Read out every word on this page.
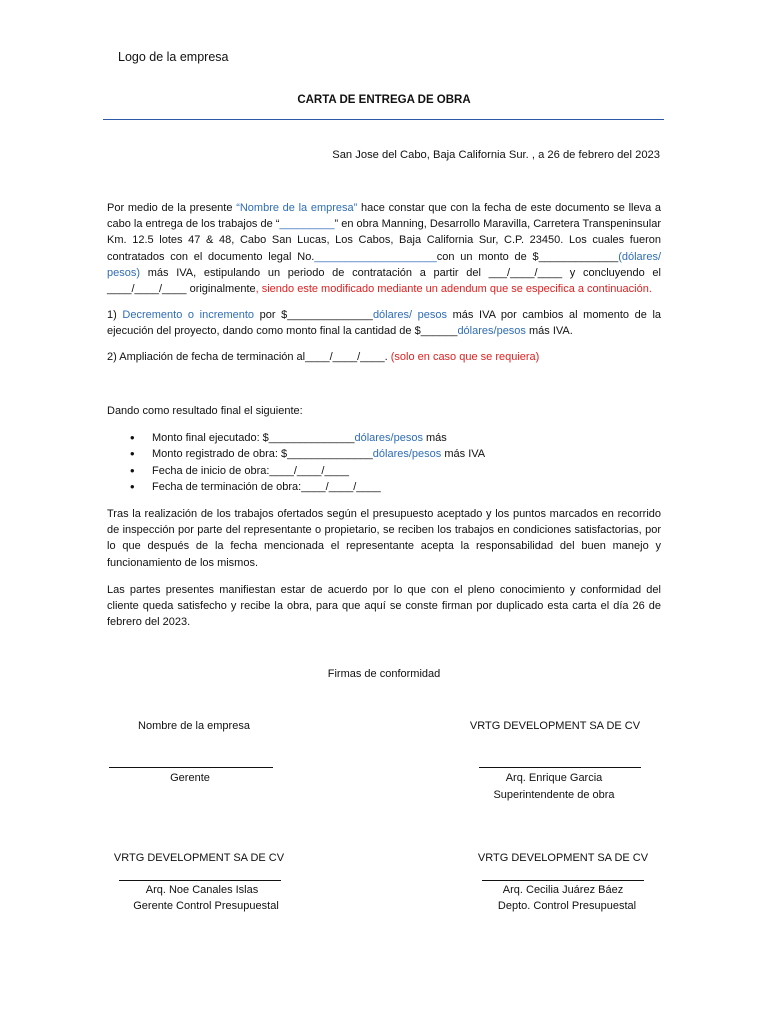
Logo de la empresa
CARTA DE ENTREGA DE OBRA
San Jose del Cabo, Baja California Sur. , a 26 de febrero del 2023
Por medio de la presente “Nombre de la empresa” hace constar que con la fecha de este documento se lleva a cabo la entrega de los trabajos de “_________” en obra Manning, Desarrollo Maravilla, Carretera Transpeninsular Km. 12.5 lotes 47 & 48, Cabo San Lucas, Los Cabos, Baja California Sur, C.P. 23450. Los cuales fueron contratados con el documento legal No.____________________con un monto de $_____________(dólares/ pesos) más IVA, estipulando un periodo de contratación a partir del ___/____/____ y concluyendo el ____/____/____ originalmente, siendo este modificado mediante un adendum que se especifica a continuación.
1) Decremento o incremento por $______________dólares/ pesos más IVA por cambios al momento de la ejecución del proyecto, dando como monto final la cantidad de $______dólares/pesos más IVA.
2) Ampliación de fecha de terminación al____/____/____. (solo en caso que se requiera)
Dando como resultado final el siguiente:
• Monto final ejecutado: $______________dólares/pesos más
• Monto registrado de obra: $______________dólares/pesos más IVA
• Fecha de inicio de obra:____/____/____
• Fecha de terminación de obra:____/____/____
Tras la realización de los trabajos ofertados según el presupuesto aceptado y los puntos marcados en recorrido de inspección por parte del representante o propietario, se reciben los trabajos en condiciones satisfactorias, por lo que después de la fecha mencionada el representante acepta la responsabilidad del buen manejo y funcionamiento de los mismos.
Las partes presentes manifiestan estar de acuerdo por lo que con el pleno conocimiento y conformidad del cliente queda satisfecho y recibe la obra, para que aquí se conste firman por duplicado esta carta el día 26 de febrero del 2023.
Firmas de conformidad
Nombre de la empresa
Gerente
VRTG DEVELOPMENT SA DE CV
Arq. Enrique Garcia
Superintendente de obra
VRTG DEVELOPMENT SA DE CV
Arq. Noe Canales Islas
Gerente Control Presupuestal
VRTG DEVELOPMENT SA DE CV
Arq. Cecilia Juárez Báez
Depto. Control Presupuestal
